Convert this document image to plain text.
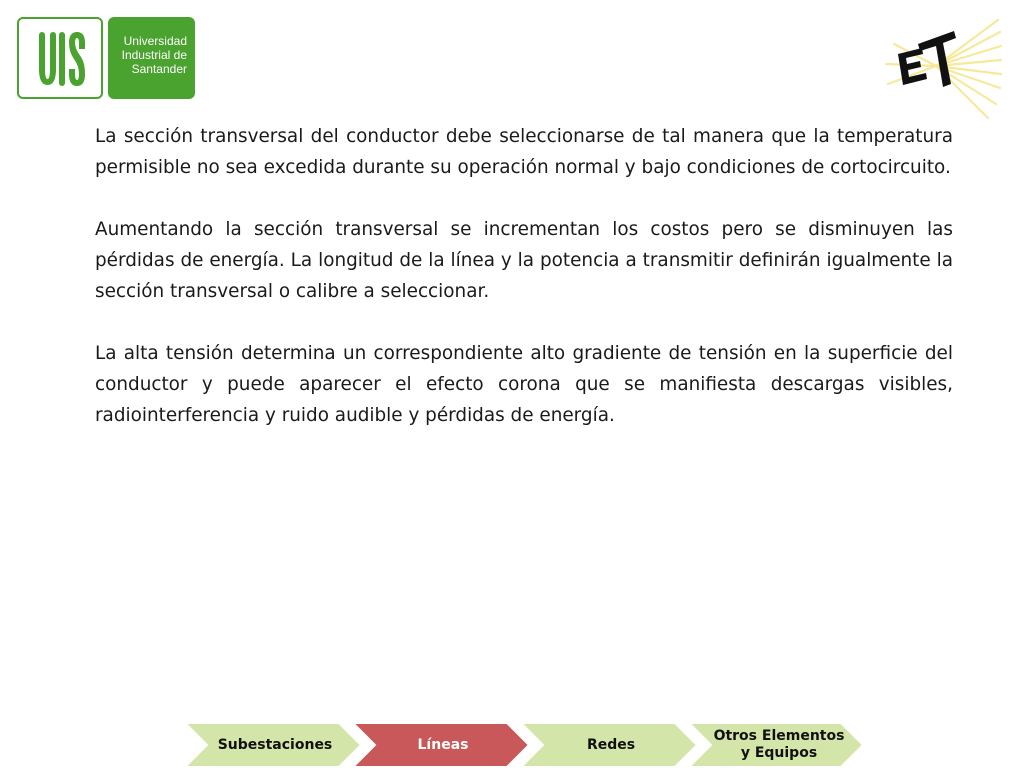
Universidad
Industrial de
Santander

La sección transversal del conductor debe seleccionarse de tal manera que la temperatura permisible no sea excedida durante su operación normal y bajo condiciones de cortocircuito.

Aumentando la sección transversal se incrementan los costos pero se disminuyen las pérdidas de energía. La longitud de la línea y la potencia a transmitir definirán igualmente la sección transversal o calibre a seleccionar.

La alta tensión determina un correspondiente alto gradiente de tensión en la superficie del conductor y puede aparecer el efecto corona que se manifiesta descargas visibles, radiointerferencia y ruido audible y pérdidas de energía.

Subestaciones	Líneas	Redes
Otros Elementos
y Equipos
